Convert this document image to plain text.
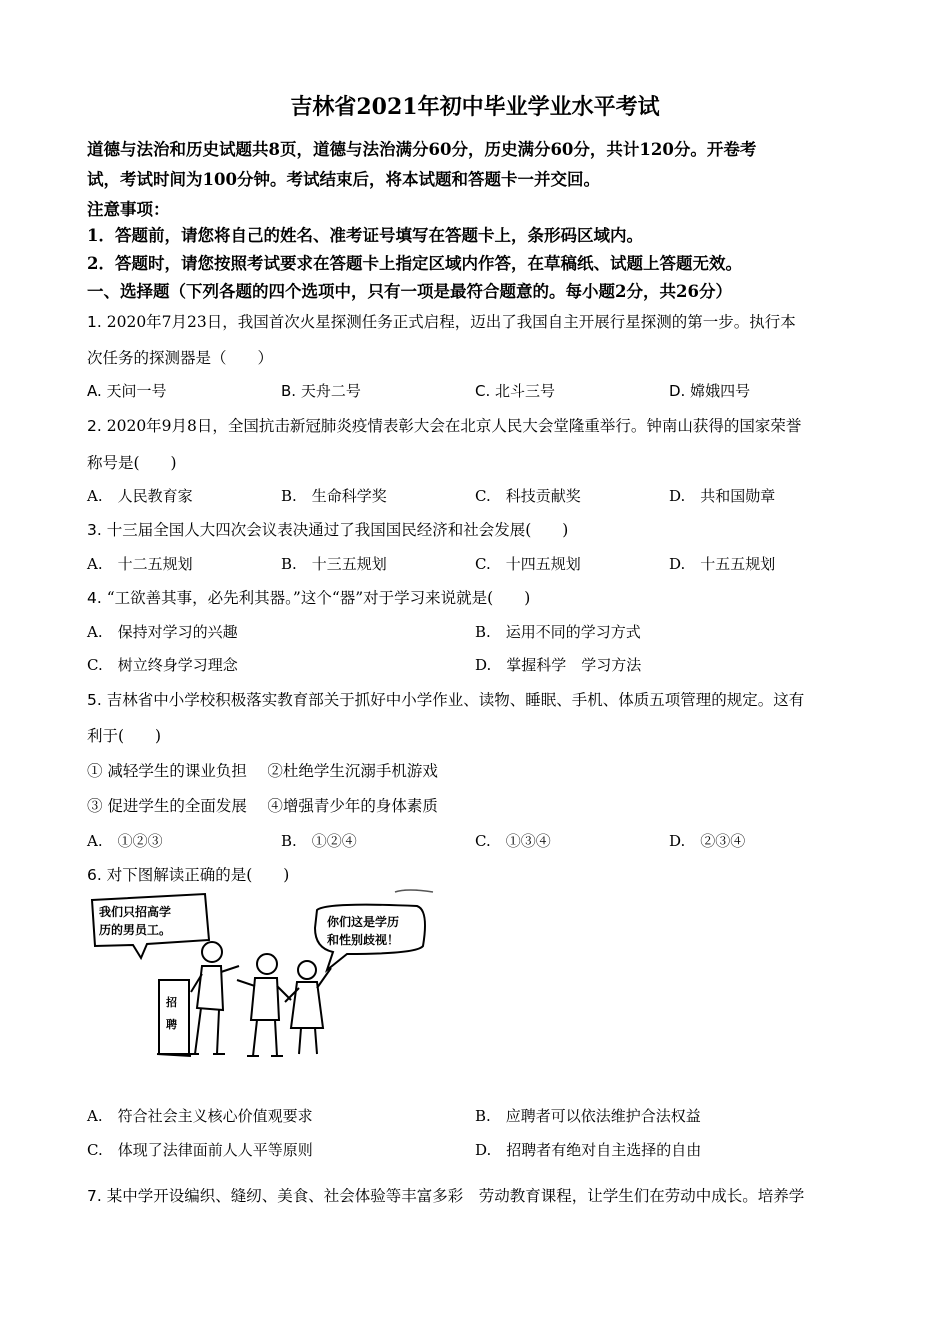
吉林省2021年初中毕业学业水平考试
道德与法治和历史试题共8页，道德与法治满分60分，历史满分60分，共计120分。开卷考
试，考试时间为100分钟。考试结束后，将本试题和答题卡一并交回。
注意事项：
1．答题前，请您将自己的姓名、准考证号填写在答题卡上，条形码区域内。
2．答题时，请您按照考试要求在答题卡上指定区域内作答，在草稿纸、试题上答题无效。
一、选择题（下列各题的四个选项中，只有一项是最符合题意的。每小题2分，共26分）
1. 2020年7月23日，我国首次火星探测任务正式启程，迈出了我国自主开展行星探测的第一步。执行本
次任务的探测器是（　　）
A. 天问一号	B. 天舟二号	C. 北斗三号	D. 嫦娥四号
2. 2020年9月8日，全国抗击新冠肺炎疫情表彰大会在北京人民大会堂隆重举行。钟南山获得的国家荣誉
称号是(　　)
A.　人民教育家	B.　生命科学奖	C.　科技贡献奖	D.　共和国勋章
3. 十三届全国人大四次会议表决通过了我国国民经济和社会发展(　　)
A.　十二五规划	B.　十三五规划	C.　十四五规划	D.　十五五规划
4. “工欲善其事，必先利其器。”这个“器”对于学习来说就是(　　)
A.　保持对学习的兴趣	B.　运用不同的学习方式
C.　树立终身学习理念	D.　掌握科学　学习方法
5. 吉林省中小学校积极落实教育部关于抓好中小学作业、读物、睡眠、手机、体质五项管理的规定。这有
利于(　　)
① 减轻学生的课业负担　 ②杜绝学生沉溺手机游戏
③ 促进学生的全面发展　 ④增强青少年的身体素质
A.　①②③	B.　①②④	C.　①③④	D.　②③④
6. 对下图解读正确的是(　　)
我们只招高学
历的男员工。
你们这是学历
和性别歧视！
招
聘
A.　符合社会主义核心价值观要求	B.　应聘者可以依法维护合法权益
C.　体现了法律面前人人平等原则	D.　招聘者有绝对自主选择的自由
7. 某中学开设编织、缝纫、美食、社会体验等丰富多彩　劳动教育课程，让学生们在劳动中成长。培养学
